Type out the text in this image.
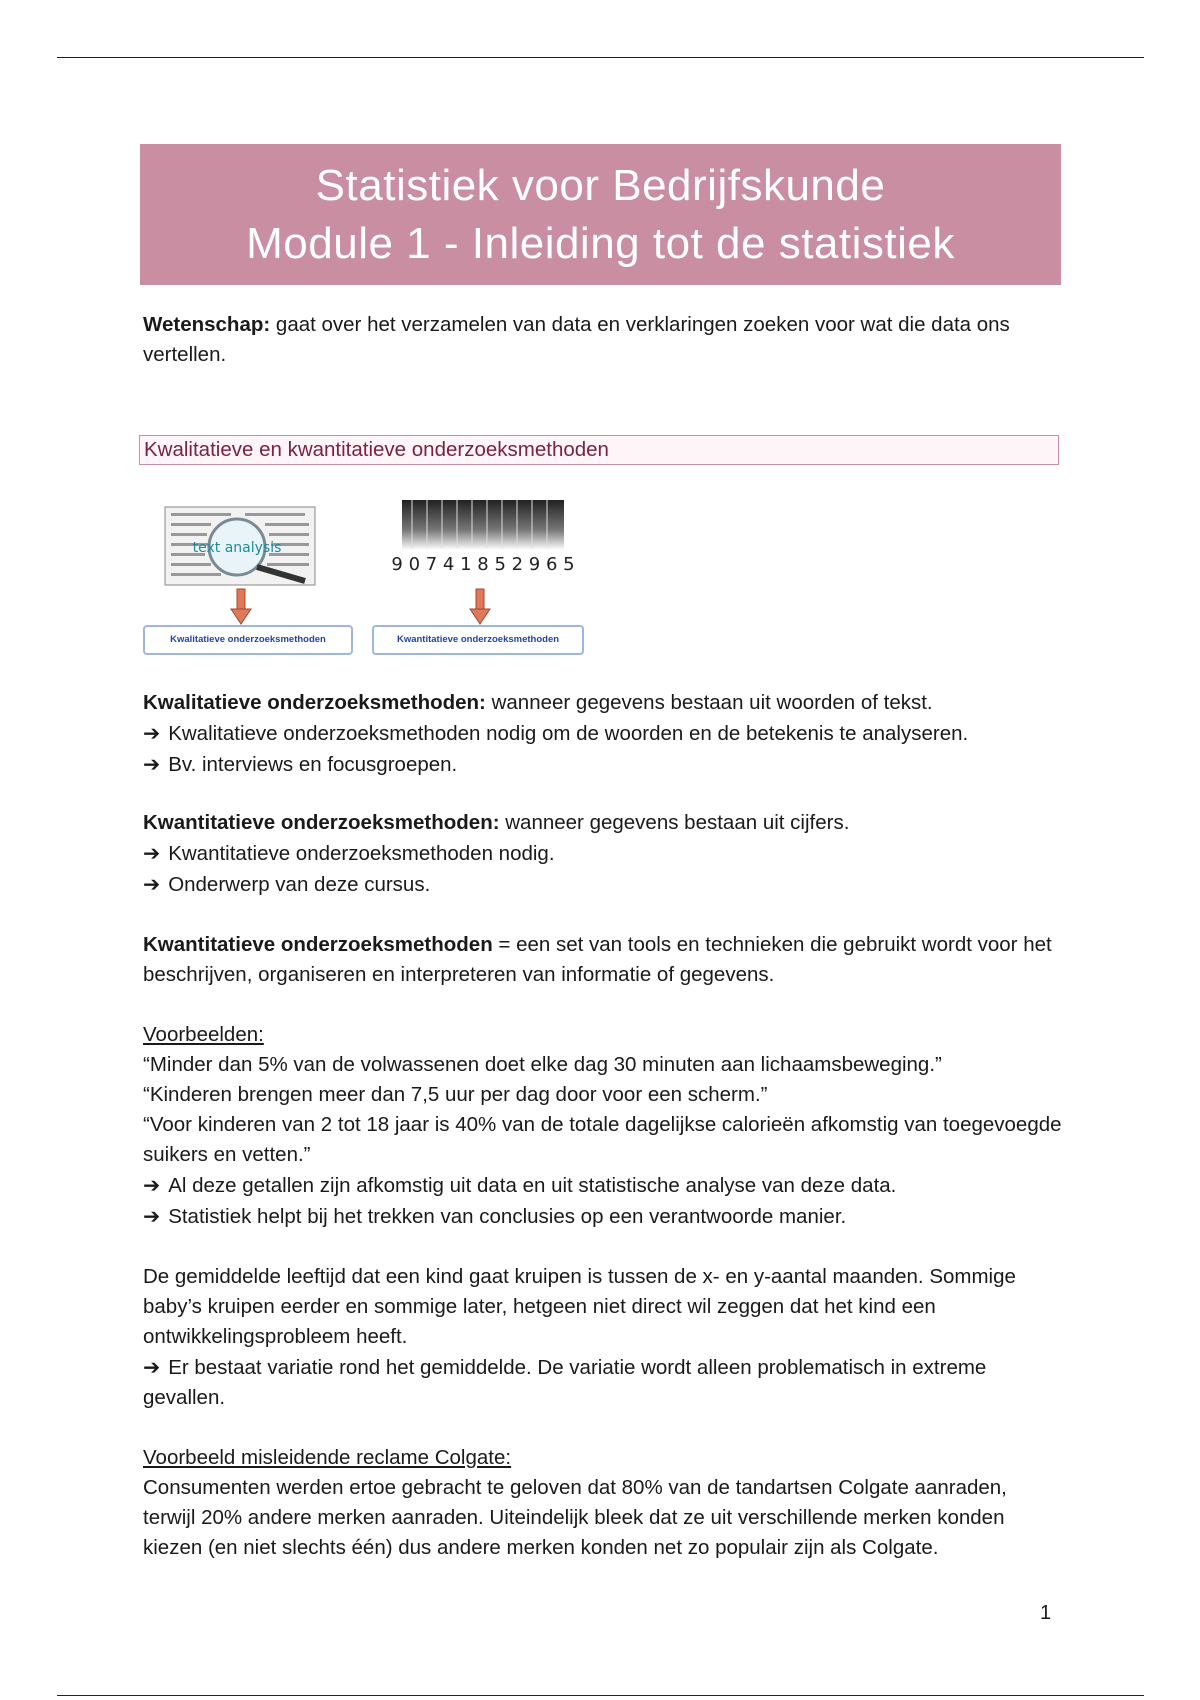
Statistiek voor Bedrijfskunde
Module 1 - Inleiding tot de statistiek

Wetenschap: gaat over het verzamelen van data en verklaringen zoeken voor wat die data ons vertellen.

Kwalitatieve en kwantitatieve onderzoeksmethoden
text analysis
Kwalitatieve onderzoeksmethoden
9 0 7 4 1 8 5 2 9 6 5
Kwantitatieve onderzoeksmethoden

Kwalitatieve onderzoeksmethoden: wanneer gegevens bestaan uit woorden of tekst.

➔ Kwalitatieve onderzoeksmethoden nodig om de woorden en de betekenis te analyseren.

➔ Bv. interviews en focusgroepen.

Kwantitatieve onderzoeksmethoden: wanneer gegevens bestaan uit cijfers.

➔ Kwantitatieve onderzoeksmethoden nodig.

➔ Onderwerp van deze cursus.

Kwantitatieve onderzoeksmethoden = een set van tools en technieken die gebruikt wordt voor het beschrijven, organiseren en interpreteren van informatie of gegevens.

Voorbeelden:

“Minder dan 5% van de volwassenen doet elke dag 30 minuten aan lichaamsbeweging.”

“Kinderen brengen meer dan 7,5 uur per dag door voor een scherm.”

“Voor kinderen van 2 tot 18 jaar is 40% van de totale dagelijkse calorieën afkomstig van toegevoegde suikers en vetten.”

➔ Al deze getallen zijn afkomstig uit data en uit statistische analyse van deze data.

➔ Statistiek helpt bij het trekken van conclusies op een verantwoorde manier.

De gemiddelde leeftijd dat een kind gaat kruipen is tussen de x- en y-aantal maanden. Sommige baby’s kruipen eerder en sommige later, hetgeen niet direct wil zeggen dat het kind een ontwikkelingsprobleem heeft.

➔ Er bestaat variatie rond het gemiddelde. De variatie wordt alleen problematisch in extreme gevallen.

Voorbeeld misleidende reclame Colgate:

Consumenten werden ertoe gebracht te geloven dat 80% van de tandartsen Colgate aanraden, terwijl 20% andere merken aanraden. Uiteindelijk bleek dat ze uit verschillende merken konden kiezen (en niet slechts één) dus andere merken konden net zo populair zijn als Colgate.

1
